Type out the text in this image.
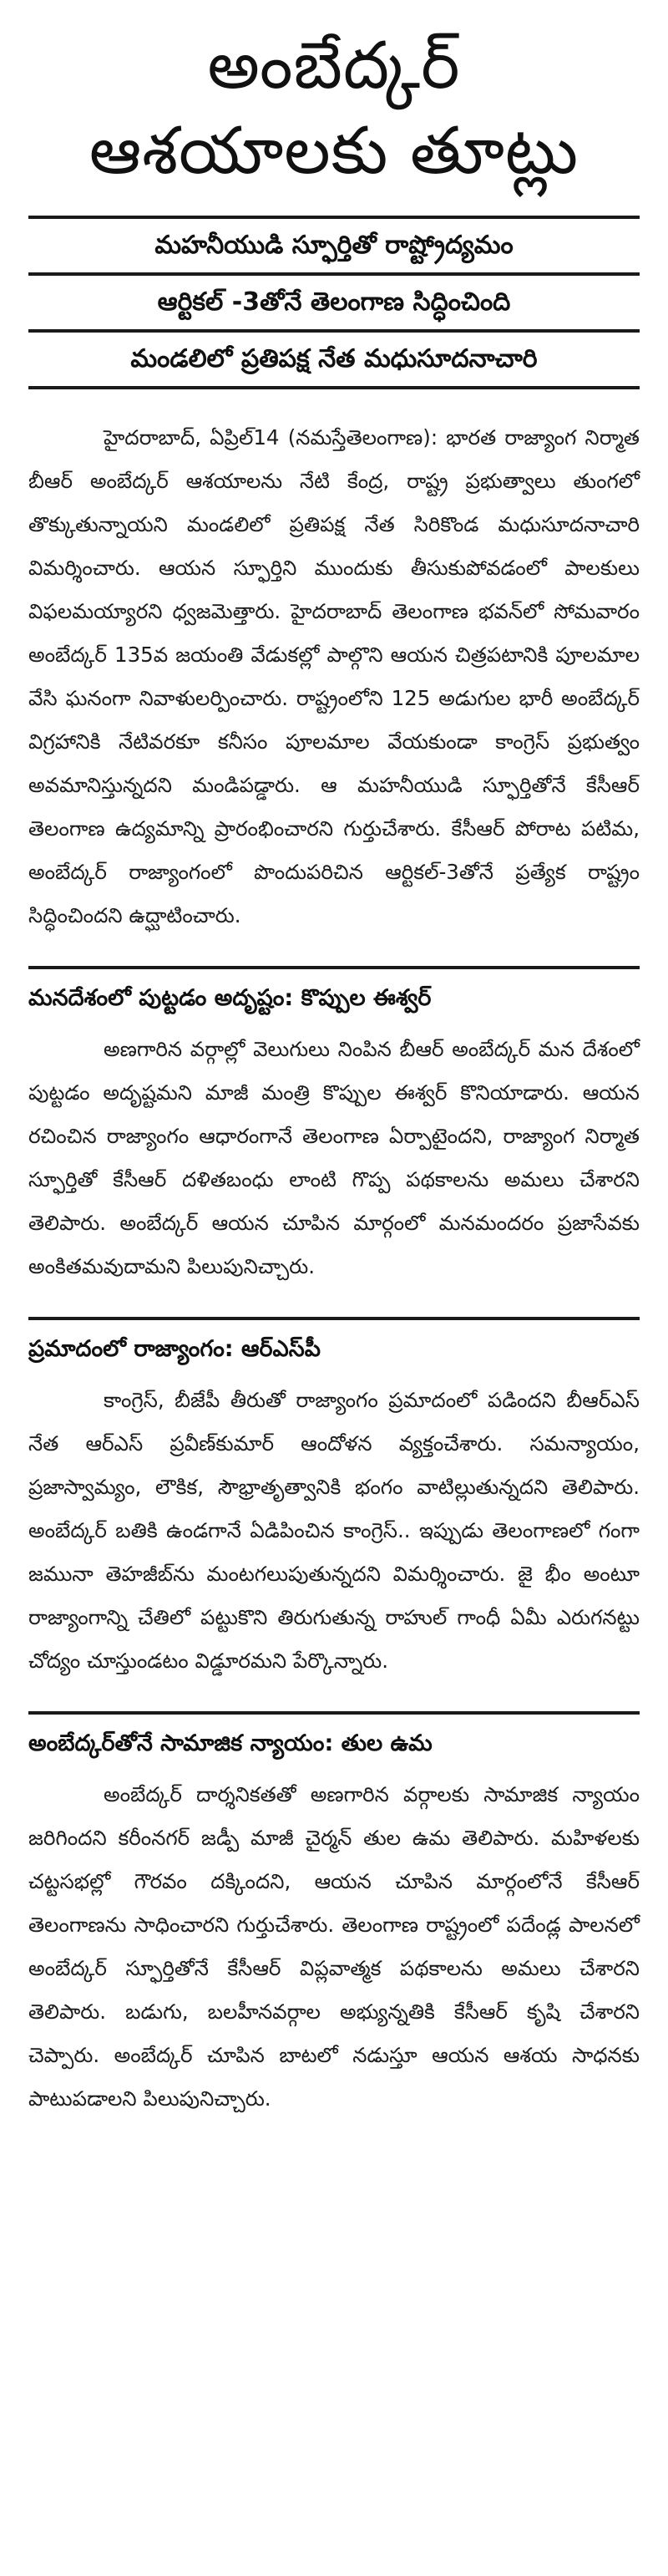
అంబేద్కర్
ఆశయాలకు తూట్లు
మహనీయుడి స్ఫూర్తితో రాష్ట్రోద్యమం
ఆర్టికల్ -3తోనే తెలంగాణ సిద్ధించింది
మండలిలో ప్రతిపక్ష నేత మధుసూదనాచారి

హైదరాబాద్, ఏప్రిల్14 (నమస్తేతెలంగాణ): భారత రాజ్యాంగ నిర్మాత బీఆర్ అంబేద్కర్ ఆశయాలను నేటి కేంద్ర, రాష్ట్ర ప్రభుత్వాలు తుంగలో తొక్కుతున్నాయని మండలిలో ప్రతిపక్ష నేత సిరికొండ మధుసూదనాచారి విమర్శించారు. ఆయన స్ఫూర్తిని ముందుకు తీసుకుపోవడంలో పాలకులు విఫలమయ్యారని ధ్వజమెత్తారు. హైదరాబాద్ తెలంగాణ భవన్‌లో సోమవారం అంబేద్కర్ 135వ జయంతి వేడుకల్లో పాల్గొని ఆయన చిత్రపటానికి పూలమాల వేసి ఘనంగా నివాళులర్పించారు. రాష్ట్రంలోని 125 అడుగుల భారీ అంబేద్కర్ విగ్రహానికి నేటివరకూ కనీసం పూలమాల వేయకుండా కాంగ్రెస్ ప్రభుత్వం అవమానిస్తున్నదని మండిపడ్డారు. ఆ మహనీయుడి స్ఫూర్తితోనే కేసీఆర్ తెలంగాణ ఉద్యమాన్ని ప్రారంభించారని గుర్తుచేశారు. కేసీఆర్ పోరాట పటిమ, అంబేద్కర్ రాజ్యాంగంలో పొందుపరిచిన ఆర్టికల్-3తోనే ప్రత్యేక రాష్ట్రం సిద్ధించిందని ఉద్ఘాటించారు.

మనదేశంలో పుట్టడం అదృష్టం: కొప్పుల ఈశ్వర్

అణగారిన వర్గాల్లో వెలుగులు నింపిన బీఆర్ అంబేద్కర్ మన దేశంలో పుట్టడం అదృష్టమని మాజీ మంత్రి కొప్పుల ఈశ్వర్ కొనియాడారు. ఆయన రచించిన రాజ్యాంగం ఆధారంగానే తెలంగాణ ఏర్పాటైందని, రాజ్యాంగ నిర్మాత స్ఫూర్తితో కేసీఆర్ దళితబంధు లాంటి గొప్ప పథకాలను అమలు చేశారని తెలిపారు. అంబేద్కర్ ఆయన చూపిన మార్గంలో మనమందరం ప్రజాసేవకు అంకితమవుదామని పిలుపునిచ్చారు.

ప్రమాదంలో రాజ్యాంగం: ఆర్‌ఎస్‌పీ

కాంగ్రెస్, బీజేపీ తీరుతో రాజ్యాంగం ప్రమాదంలో పడిందని బీఆర్‌ఎస్ నేత ఆర్‌ఎస్ ప్రవీణ్‌కుమార్ ఆందోళన వ్యక్తంచేశారు. సమన్యాయం, ప్రజాస్వామ్యం, లౌకిక, సౌభ్రాతృత్వానికి భంగం వాటిల్లుతున్నదని తెలిపారు. అంబేద్కర్ బతికి ఉండగానే ఏడిపించిన కాంగ్రెస్.. ఇప్పుడు తెలంగాణలో గంగా జమునా తెహజీబ్‌ను మంటగలుపుతున్నదని విమర్శించారు. జై భీం అంటూ రాజ్యాంగాన్ని చేతిలో పట్టుకొని తిరుగుతున్న రాహుల్ గాంధీ ఏమీ ఎరుగనట్టు చోద్యం చూస్తుండటం విడ్డూరమని పేర్కొన్నారు.

అంబేద్కర్‌తోనే సామాజిక న్యాయం: తుల ఉమ

అంబేద్కర్ దార్శనికతతో అణగారిన వర్గాలకు సామాజిక న్యాయం జరిగిందని కరీంనగర్ జడ్పీ మాజీ చైర్మన్ తుల ఉమ తెలిపారు. మహిళలకు చట్టసభల్లో గౌరవం దక్కిందని, ఆయన చూపిన మార్గంలోనే కేసీఆర్ తెలంగాణను సాధించారని గుర్తుచేశారు. తెలంగాణ రాష్ట్రంలో పదేండ్ల పాలనలో అంబేద్కర్ స్ఫూర్తితోనే కేసీఆర్ విప్లవాత్మక పథకాలను అమలు చేశారని తెలిపారు. బడుగు, బలహీనవర్గాల అభ్యున్నతికి కేసీఆర్ కృషి చేశారని చెప్పారు. అంబేద్కర్ చూపిన బాటలో నడుస్తూ ఆయన ఆశయ సాధనకు పాటుపడాలని పిలుపునిచ్చారు.
